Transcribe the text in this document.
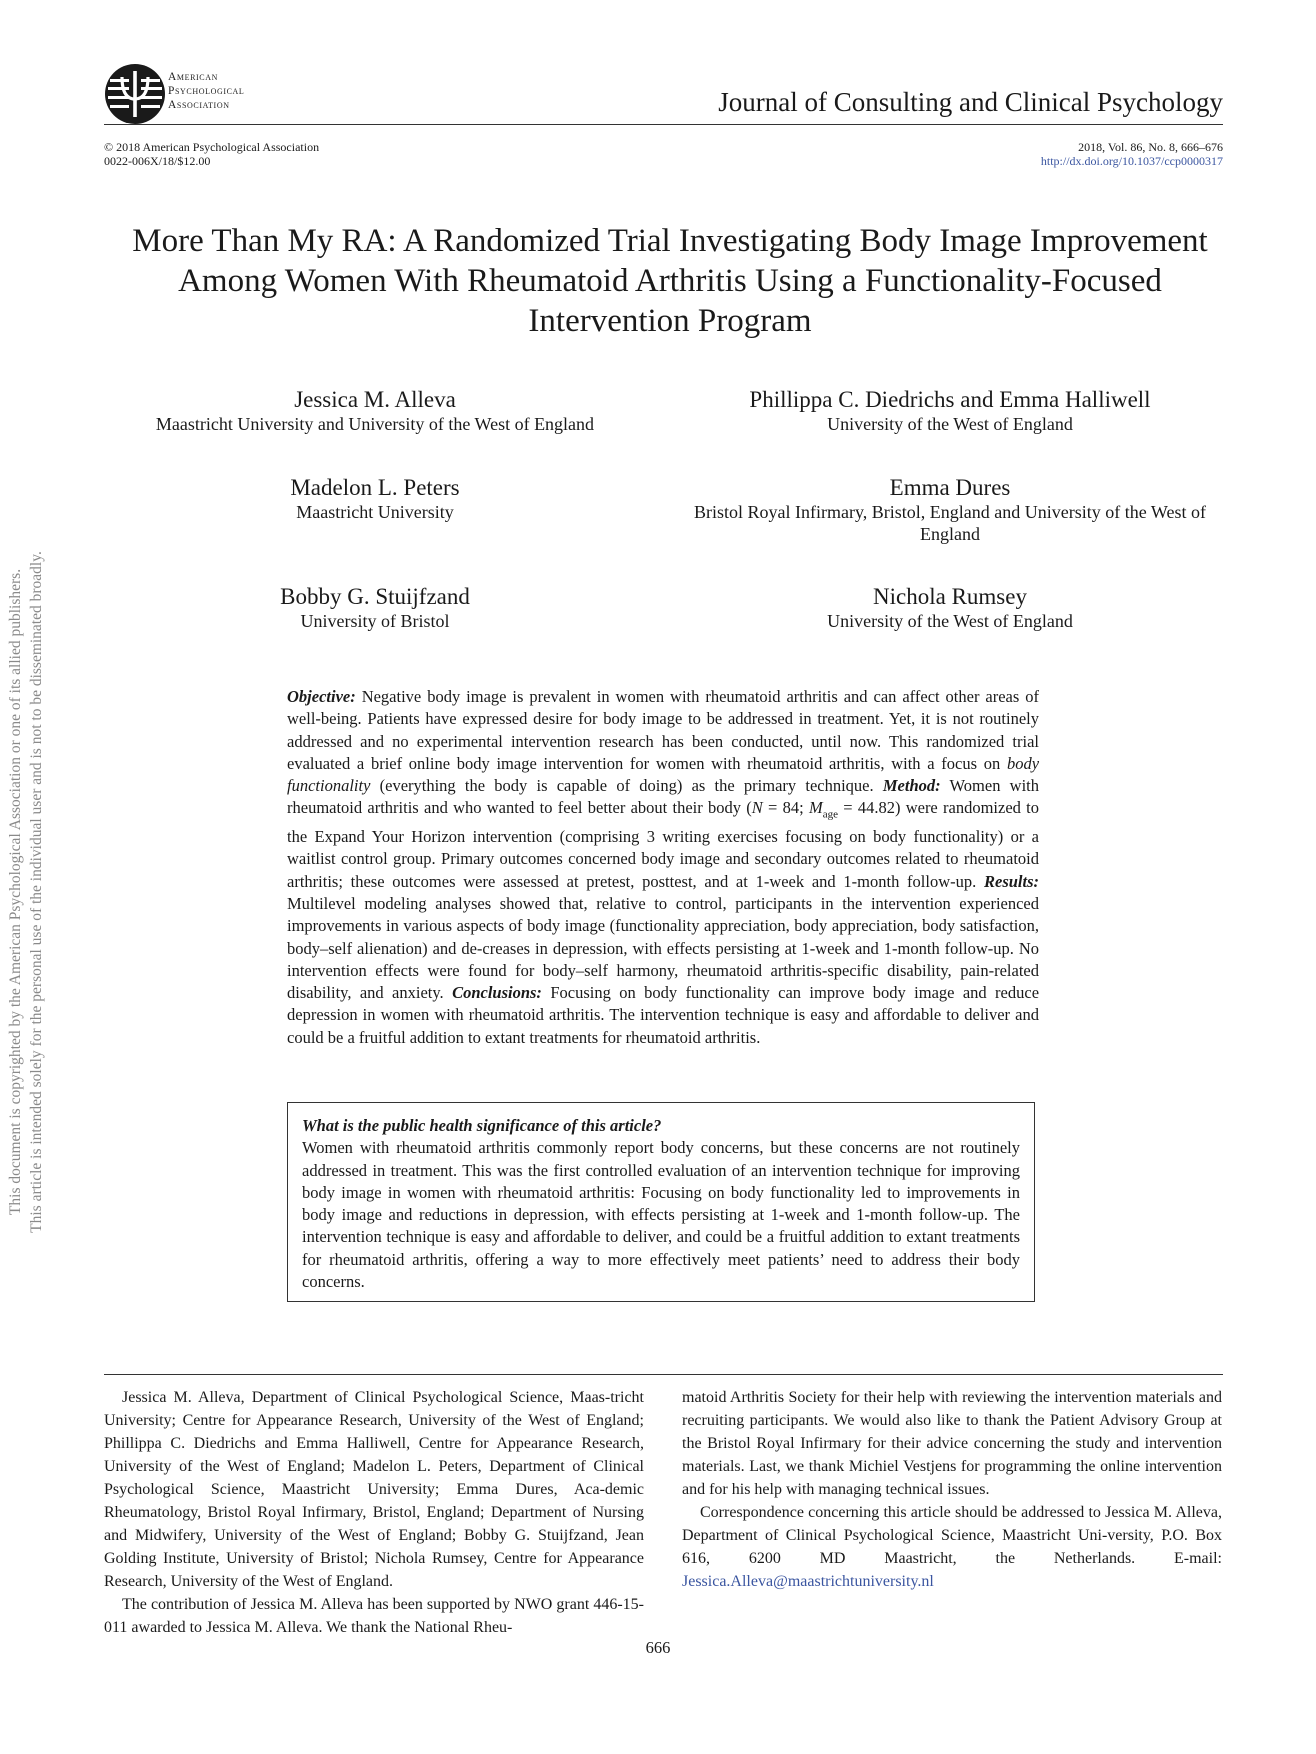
American
Psychological
Association	Journal of Consulting and Clinical Psychology
© 2018 American Psychological Association
0022-006X/18/$12.00
2018, Vol. 86, No. 8, 666–676
http://dx.doi.org/10.1037/ccp0000317
More Than My RA: A Randomized Trial Investigating Body Image Improvement Among Women With Rheumatoid Arthritis Using a Functionality-Focused Intervention Program
Jessica M. Alleva
Maastricht University and University of the West of England
Phillippa C. Diedrichs and Emma Halliwell
University of the West of England
Madelon L. Peters
Maastricht University
Emma Dures
Bristol Royal Infirmary, Bristol, England and University of the West of England
Bobby G. Stuijfzand
University of Bristol
Nichola Rumsey
University of the West of England
Objective: Negative body image is prevalent in women with rheumatoid arthritis and can affect other areas of well-being. Patients have expressed desire for body image to be addressed in treatment. Yet, it is not routinely addressed and no experimental intervention research has been conducted, until now. This randomized trial evaluated a brief online body image intervention for women with rheumatoid arthritis, with a focus on body functionality (everything the body is capable of doing) as the primary technique. Method: Women with rheumatoid arthritis and who wanted to feel better about their body (N = 84; $M_{age} = 44.82$) were randomized to the Expand Your Horizon intervention (comprising 3 writing exercises focusing on body functionality) or a waitlist control group. Primary outcomes concerned body image and secondary outcomes related to rheumatoid arthritis; these outcomes were assessed at pretest, posttest, and at 1-week and 1-month follow-up. Results: Multilevel modeling analyses showed that, relative to control, participants in the intervention experienced improvements in various aspects of body image (functionality appreciation, body appreciation, body satisfaction, body–self alienation) and de-creases in depression, with effects persisting at 1-week and 1-month follow-up. No intervention effects were found for body–self harmony, rheumatoid arthritis-specific disability, pain-related disability, and anxiety. Conclusions: Focusing on body functionality can improve body image and reduce depression in women with rheumatoid arthritis. The intervention technique is easy and affordable to deliver and could be a fruitful addition to extant treatments for rheumatoid arthritis.
What is the public health significance of this article?
Women with rheumatoid arthritis commonly report body concerns, but these concerns are not routinely addressed in treatment. This was the first controlled evaluation of an intervention technique for improving body image in women with rheumatoid arthritis: Focusing on body functionality led to improvements in body image and reductions in depression, with effects persisting at 1-week and 1-month follow-up. The intervention technique is easy and affordable to deliver, and could be a fruitful addition to extant treatments for rheumatoid arthritis, offering a way to more effectively meet patients’ need to address their body concerns.
This document is copyrighted by the American Psychological Association or one of its allied publishers. This article is intended solely for the personal use of the individual user and is not to be disseminated broadly.

Jessica M. Alleva, Department of Clinical Psychological Science, Maas-tricht University; Centre for Appearance Research, University of the West of England; Phillippa C. Diedrichs and Emma Halliwell, Centre for Appearance Research, University of the West of England; Madelon L. Peters, Department of Clinical Psychological Science, Maastricht University; Emma Dures, Aca-demic Rheumatology, Bristol Royal Infirmary, Bristol, England; Department of Nursing and Midwifery, University of the West of England; Bobby G. Stuijfzand, Jean Golding Institute, University of Bristol; Nichola Rumsey, Centre for Appearance Research, University of the West of England.

The contribution of Jessica M. Alleva has been supported by NWO grant 446-15-011 awarded to Jessica M. Alleva. We thank the National Rheu-

matoid Arthritis Society for their help with reviewing the intervention materials and recruiting participants. We would also like to thank the Patient Advisory Group at the Bristol Royal Infirmary for their advice concerning the study and intervention materials. Last, we thank Michiel Vestjens for programming the online intervention and for his help with managing technical issues.

Correspondence concerning this article should be addressed to Jessica M. Alleva, Department of Clinical Psychological Science, Maastricht Uni-versity, P.O. Box 616, 6200 MD Maastricht, the Netherlands. E-mail: Jessica.Alleva@maastrichtuniversity.nl

666
